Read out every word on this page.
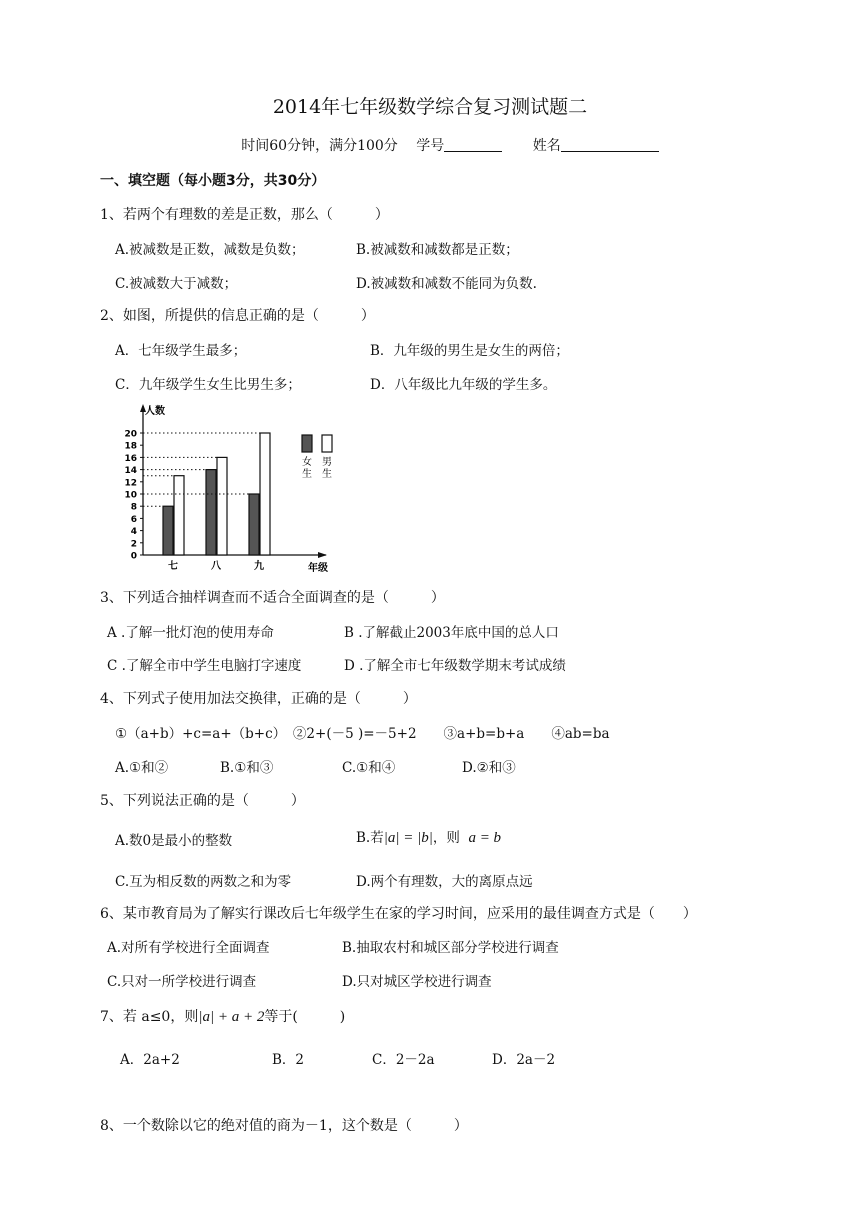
2014年七年级数学综合复习测试题二
时间60分钟，满分100分 学号	姓名
一、填空题（每小题3分，共30分）
1、若两个有理数的差是正数，那么（　　　）
A.被减数是正数，减数是负数；	B.被减数和减数都是正数；
C.被减数大于减数；	D.被减数和减数不能同为负数.
2、如图，所提供的信息正确的是（　　　）
A．七年级学生最多；	B．九年级的男生是女生的两倍；
C．九年级学生女生比男生多；	D．八年级比九年级的学生多。
0
2
4
6
8
10
12
14
16
18
20
人数
年级
七	八	九
女
生
男
生
3、下列适合抽样调查而不适合全面调查的是（　　　）
A .了解一批灯泡的使用寿命	B .了解截止2003年底中国的总人口
C .了解全市中学生电脑打字速度	D .了解全市七年级数学期末考试成绩
4、下列式子使用加法交换律，正确的是（　　　）
①（a+b）+c=a+（b+c）　②2+(－5 )=－5+2　　③a+b=b+a　　④ab=ba
A.①和②	B.①和③	C.①和④	D.②和③
5、下列说法正确的是（　　　）
A.数0是最小的整数	B.若|a| = |b|，则 a = b
C.互为相反数的两数之和为零	D.两个有理数，大的离原点远
6、某市教育局为了解实行课改后七年级学生在家的学习时间，应采用的最佳调查方式是（　　）
A.对所有学校进行全面调查	B.抽取农村和城区部分学校进行调查
C.只对一所学校进行调查	D.只对城区学校进行调查
7、若 a≤0，则|a| + a + 2等于(　　　)
A．2a+2	B．2	C．2－2a	D．2a－2
8、一个数除以它的绝对值的商为－1，这个数是（　　　）
